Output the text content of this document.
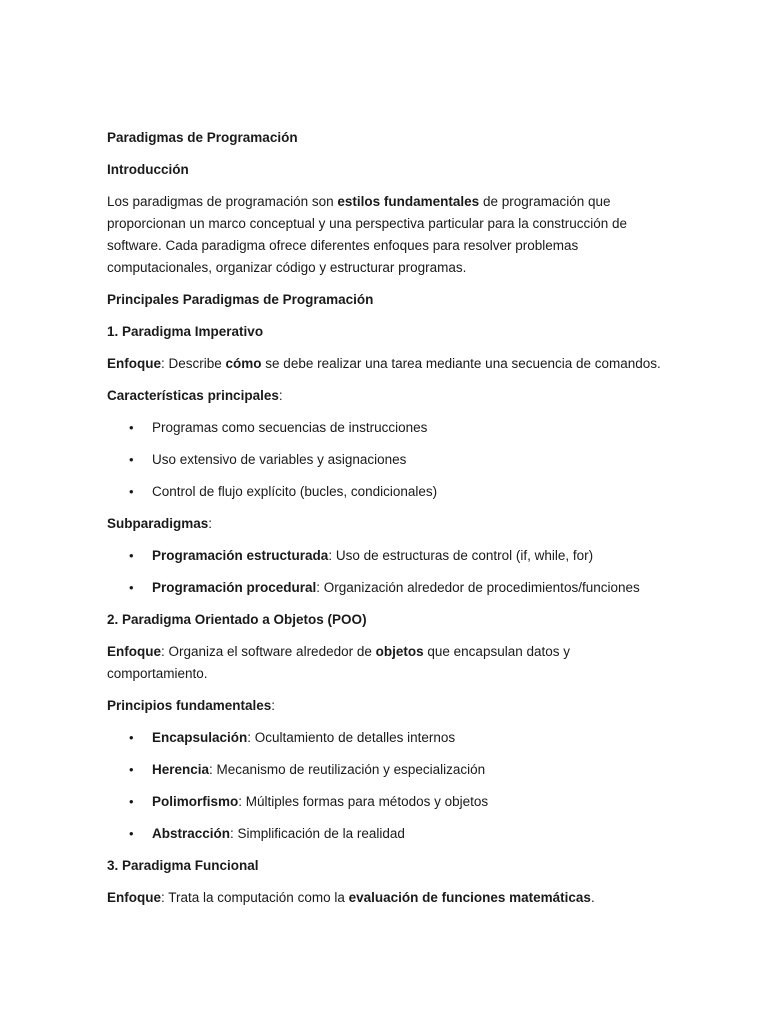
Paradigmas de Programación
Introducción

Los paradigmas de programación son estilos fundamentales de programación que proporcionan un marco conceptual y una perspectiva particular para la construcción de software. Cada paradigma ofrece diferentes enfoques para resolver problemas computacionales, organizar código y estructurar programas.

Principales Paradigmas de Programación
1. Paradigma Imperativo

Enfoque: Describe cómo se debe realizar una tarea mediante una secuencia de comandos.

Características principales:

• Programas como secuencias de instrucciones
• Uso extensivo de variables y asignaciones
• Control de flujo explícito (bucles, condicionales)

Subparadigmas:

• Programación estructurada: Uso de estructuras de control (if, while, for)
• Programación procedural: Organización alrededor de procedimientos/funciones
2. Paradigma Orientado a Objetos (POO)

Enfoque: Organiza el software alrededor de objetos que encapsulan datos y comportamiento.

Principios fundamentales:

• Encapsulación: Ocultamiento de detalles internos
• Herencia: Mecanismo de reutilización y especialización
• Polimorfismo: Múltiples formas para métodos y objetos
• Abstracción: Simplificación de la realidad
3. Paradigma Funcional

Enfoque: Trata la computación como la evaluación de funciones matemáticas.
